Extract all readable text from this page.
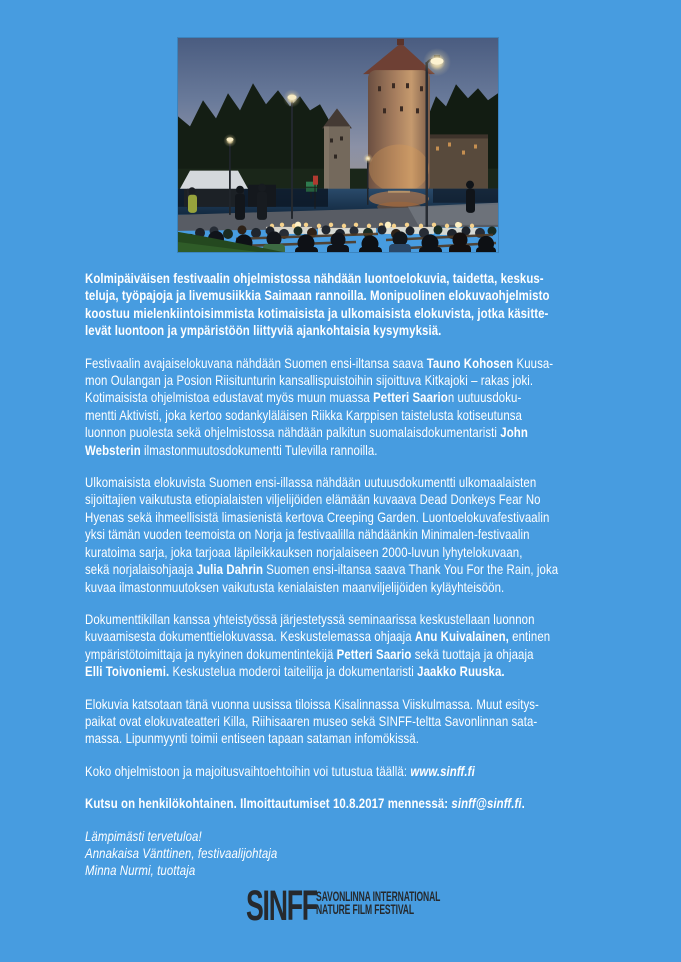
Kolmipäiväisen festivaalin ohjelmistossa nähdään luontoelokuvia, taidetta, keskus-
teluja, työpajoja ja livemusiikkia Saimaan rannoilla. Monipuolinen elokuvaohjelmisto
koostuu mielenkiintoisimmista kotimaisista ja ulkomaisista elokuvista, jotka käsitte-
levät luontoon ja ympäristöön liittyviä ajankohtaisia kysymyksiä.

Festivaalin avajaiselokuvana nähdään Suomen ensi-iltansa saava Tauno Kohosen Kuusa-
mon Oulangan ja Posion Riisitunturin kansallispuistoihin sijoittuva Kitkajoki – rakas joki.
Kotimaisista ohjelmistoa edustavat myös muun muassa Petteri Saarion uutuusdoku-
mentti Aktivisti, joka kertoo sodankyläläisen Riikka Karppisen taistelusta kotiseutunsa
luonnon puolesta sekä ohjelmistossa nähdään palkitun suomalaisdokumentaristi John
Websterin ilmastonmuutosdokumentti Tulevilla rannoilla.

Ulkomaisista elokuvista Suomen ensi-illassa nähdään uutuusdokumentti ulkomaalaisten
sijoittajien vaikutusta etiopialaisten viljelijöiden elämään kuvaava Dead Donkeys Fear No
Hyenas sekä ihmeellisistä limasienistä kertova Creeping Garden. Luontoelokuvafestivaalin
yksi tämän vuoden teemoista on Norja ja festivaalilla nähdäänkin Minimalen-festivaalin
kuratoima sarja, joka tarjoaa läpileikkauksen norjalaiseen 2000-luvun lyhytelokuvaan,
sekä norjalaisohjaaja Julia Dahrin Suomen ensi-iltansa saava Thank You For the Rain, joka
kuvaa ilmastonmuutoksen vaikutusta kenialaisten maanviljelijöiden kyläyhteisöön.

Dokumenttikillan kanssa yhteistyössä järjestetyssä seminaarissa keskustellaan luonnon
kuvaamisesta dokumenttielokuvassa. Keskustelemassa ohjaaja Anu Kuivalainen, entinen
ympäristötoimittaja ja nykyinen dokumentintekijä Petteri Saario sekä tuottaja ja ohjaaja
Elli Toivoniemi. Keskustelua moderoi taiteilija ja dokumentaristi Jaakko Ruuska.

Elokuvia katsotaan tänä vuonna uusissa tiloissa Kisalinnassa Viiskulmassa. Muut esitys-
paikat ovat elokuvateatteri Killa, Riihisaaren museo sekä SINFF-teltta Savonlinnan sata-
massa. Lipunmyynti toimii entiseen tapaan sataman infomökissä.

Koko ohjelmistoon ja majoitusvaihtoehtoihin voi tutustua täällä: www.sinff.fi

Kutsu on henkilökohtainen. Ilmoittautumiset 10.8.2017 mennessä: sinff@sinff.fi.

Lämpimästi tervetuloa!
Annakaisa Vänttinen, festivaalijohtaja
Minna Nurmi, tuottaja

SINFF SAVONLINNA INTERNATIONAL
NATURE FILM FESTIVAL
